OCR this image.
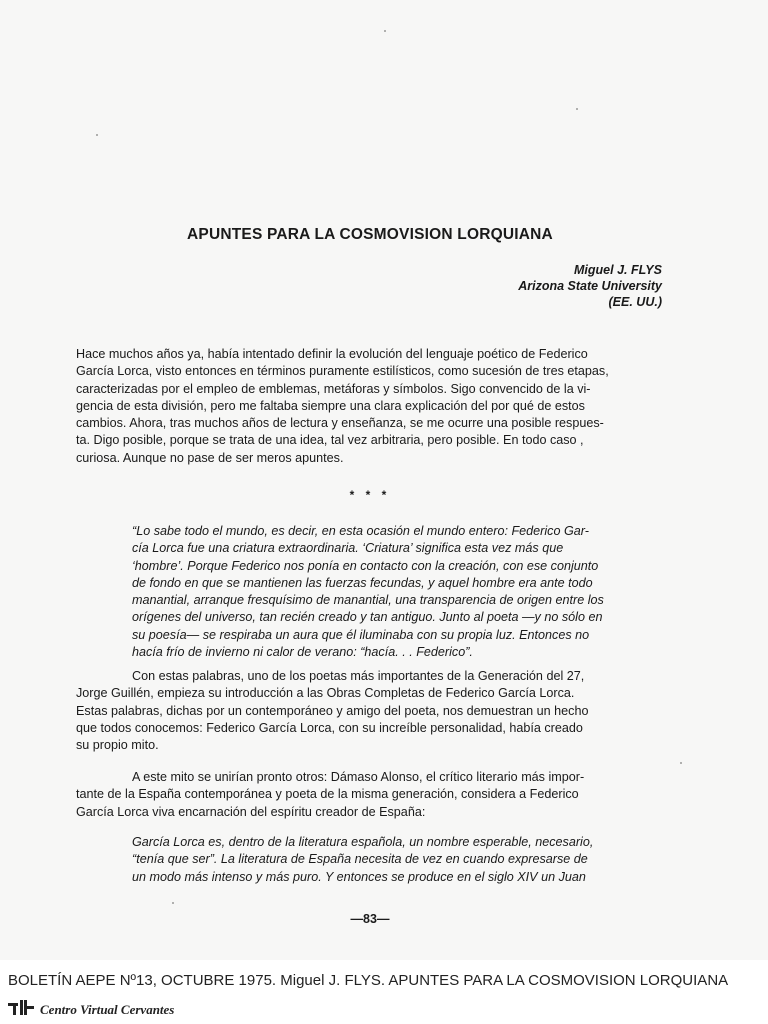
APUNTES PARA LA COSMOVISION LORQUIANA
Miguel J. FLYS
Arizona State University
(EE. UU.)
Hace muchos años ya, había intentado definir la evolución del lenguaje poético de Federico
García Lorca, visto entonces en términos puramente estilísticos, como sucesión de tres etapas,
caracterizadas por el empleo de emblemas, metáforas y símbolos. Sigo convencido de la vi-
gencia de esta división, pero me faltaba siempre una clara explicación del por qué de estos
cambios. Ahora, tras muchos años de lectura y enseñanza, se me ocurre una posible respues-
ta. Digo posible, porque se trata de una idea, tal vez arbitraria, pero posible. En todo caso ,
curiosa. Aunque no pase de ser meros apuntes.
* * *
“Lo sabe todo el mundo, es decir, en esta ocasión el mundo entero: Federico Gar-
cía Lorca fue una criatura extraordinaria. ‘Criatura’ significa esta vez más que
‘hombre’. Porque Federico nos ponía en contacto con la creación, con ese conjunto
de fondo en que se mantienen las fuerzas fecundas, y aquel hombre era ante todo
manantial, arranque fresquísimo de manantial, una transparencia de origen entre los
orígenes del universo, tan recién creado y tan antiguo. Junto al poeta —y no sólo en
su poesía— se respiraba un aura que él iluminaba con su propia luz. Entonces no
hacía frío de invierno ni calor de verano: “hacía. . . Federico”.
Con estas palabras, uno de los poetas más importantes de la Generación del 27,
Jorge Guillén, empieza su introducción a las Obras Completas de Federico García Lorca.
Estas palabras, dichas por un contemporáneo y amigo del poeta, nos demuestran un hecho
que todos conocemos: Federico García Lorca, con su increíble personalidad, había creado
su propio mito.
A este mito se unirían pronto otros: Dámaso Alonso, el crítico literario más impor-
tante de la España contemporánea y poeta de la misma generación, considera a Federico
García Lorca viva encarnación del espíritu creador de España:
García Lorca es, dentro de la literatura española, un nombre esperable, necesario,
“tenía que ser”. La literatura de España necesita de vez en cuando expresarse de
un modo más intenso y más puro. Y entonces se produce en el siglo XIV un Juan
—83—
BOLETÍN AEPE Nº13, OCTUBRE 1975. Miguel J. FLYS. APUNTES PARA LA COSMOVISION LORQUIANA
Centro Virtual Cervantes
